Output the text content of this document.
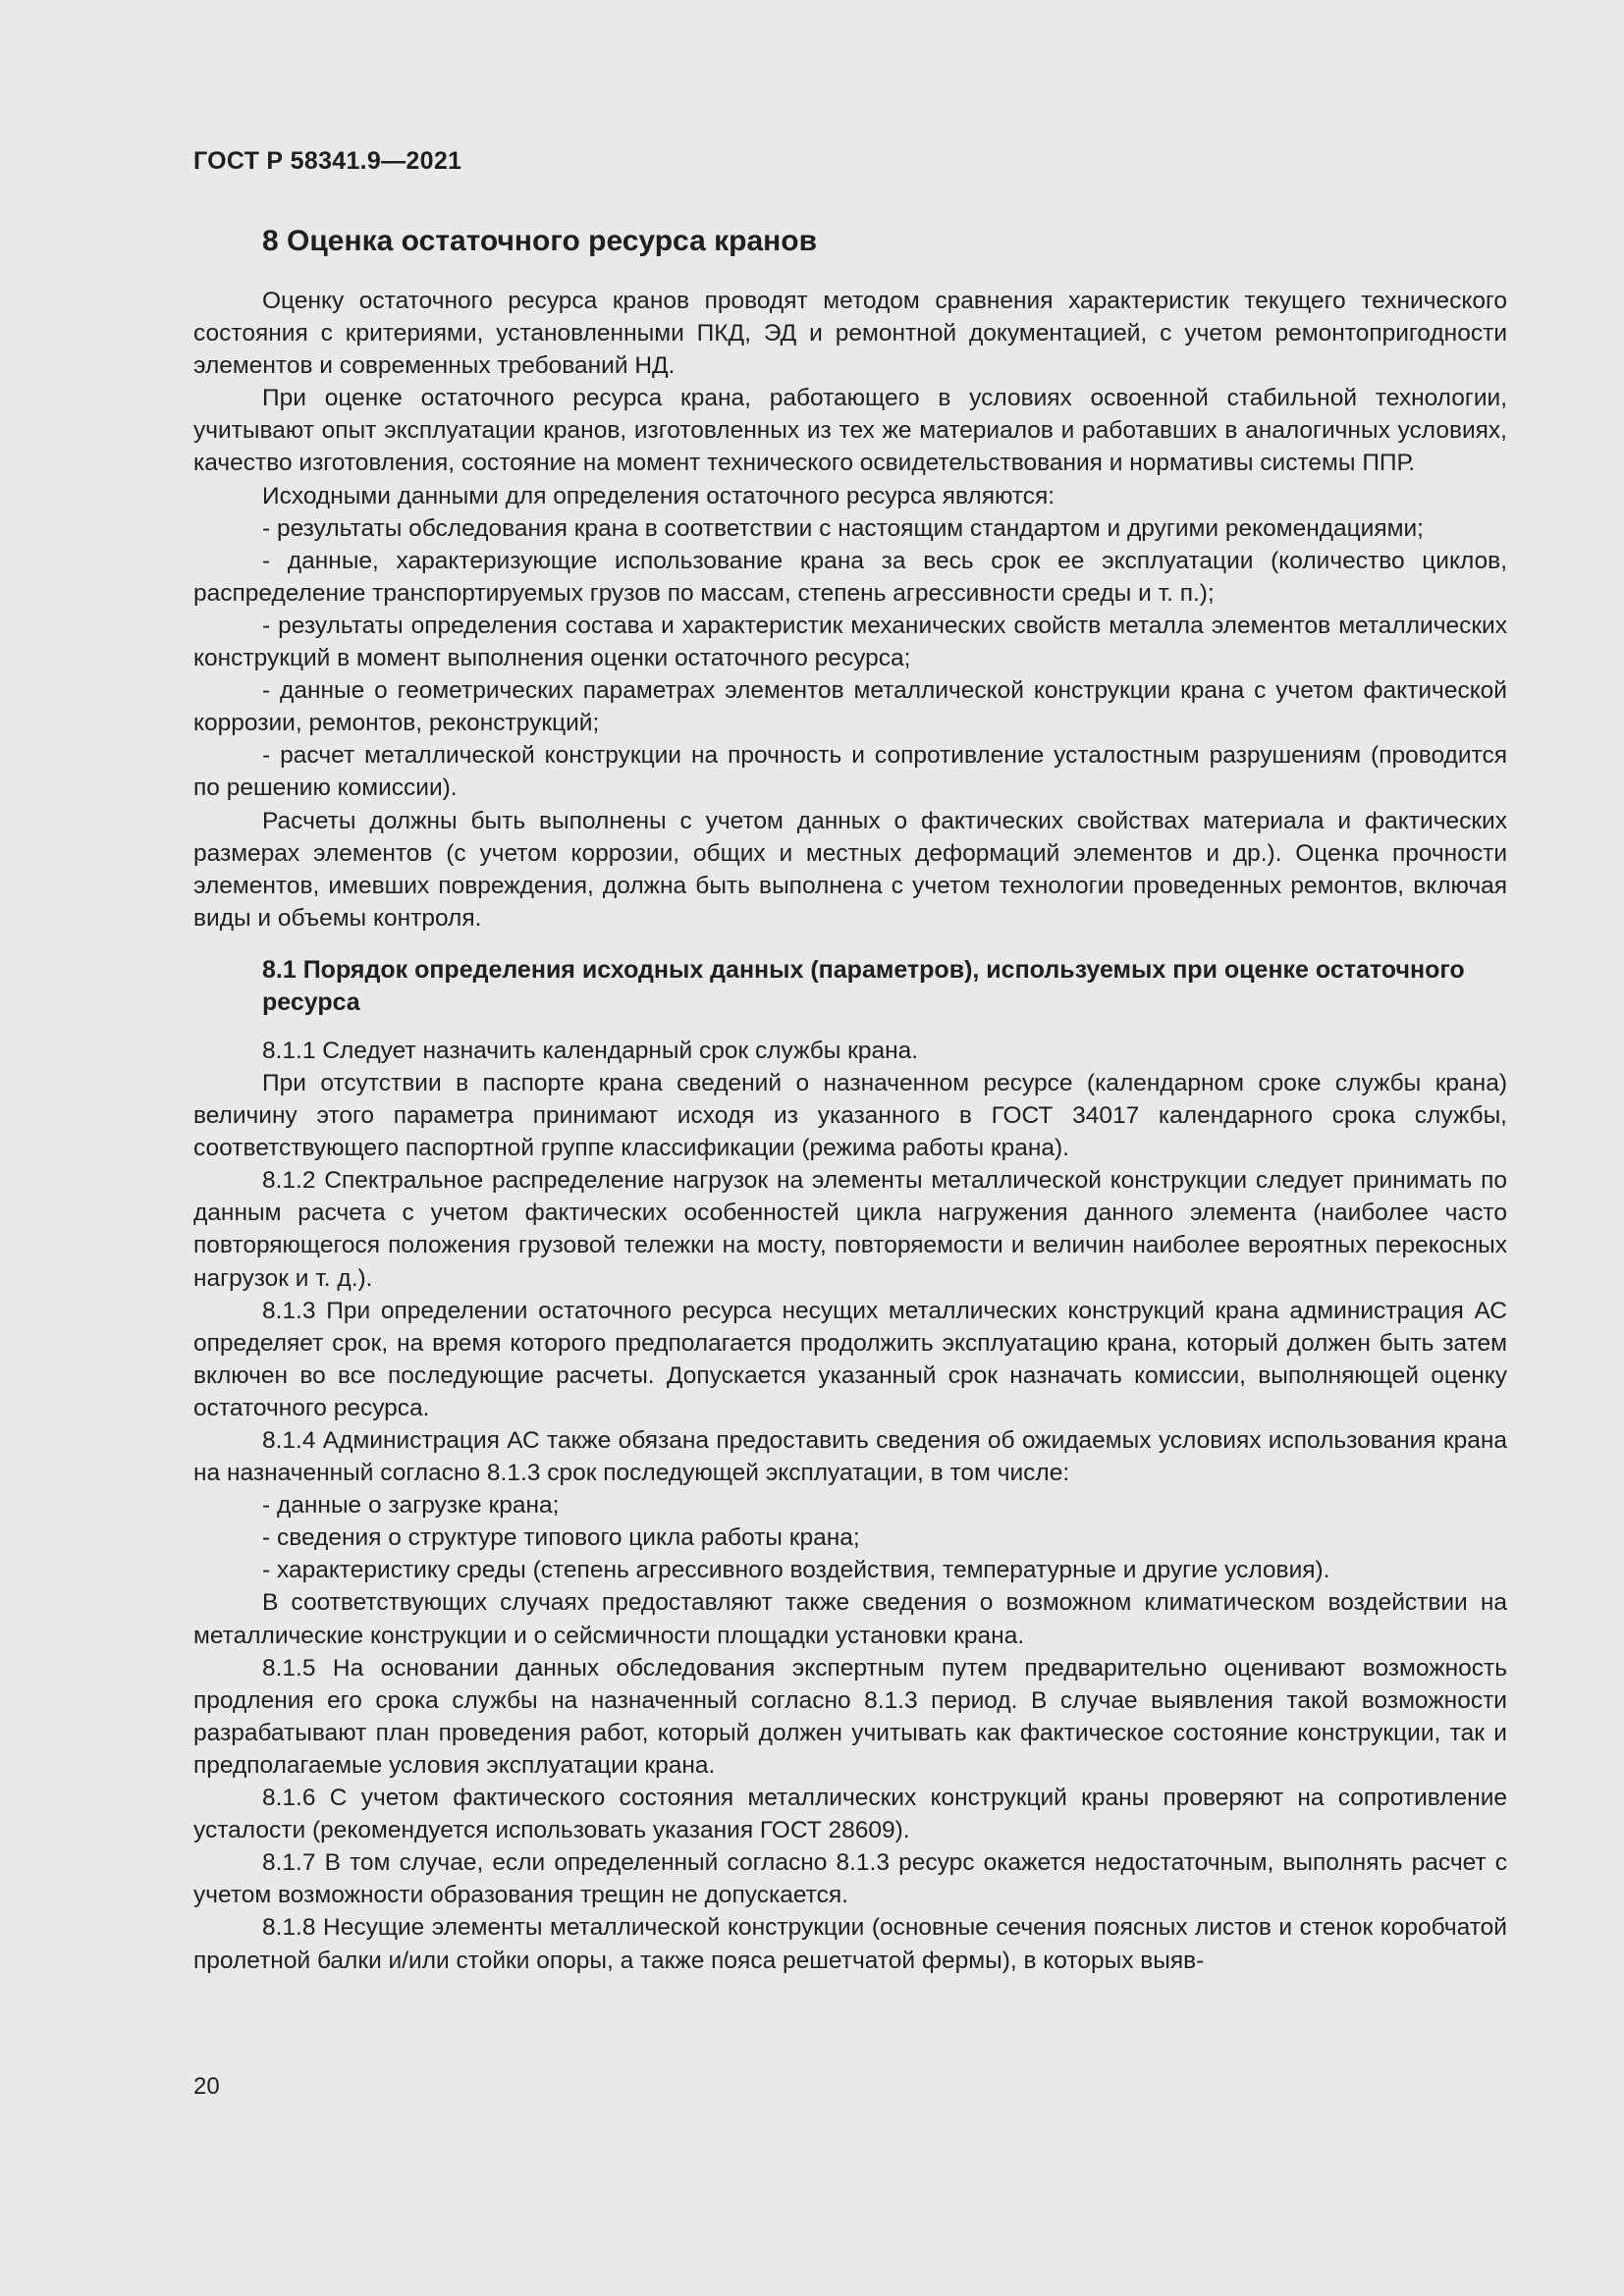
ГОСТ Р 58341.9—2021
8 Оценка остаточного ресурса кранов

Оценку остаточного ресурса кранов проводят методом сравнения характеристик текущего технического состояния с критериями, установленными ПКД, ЭД и ремонтной документацией, с учетом ремонтопригодности элементов и современных требований НД.

При оценке остаточного ресурса крана, работающего в условиях освоенной стабильной технологии, учитывают опыт эксплуатации кранов, изготовленных из тех же материалов и работавших в аналогичных условиях, качество изготовления, состояние на момент технического освидетельствования и нормативы системы ППР.

Исходными данными для определения остаточного ресурса являются:

- результаты обследования крана в соответствии с настоящим стандартом и другими рекомендациями;

- данные, характеризующие использование крана за весь срок ее эксплуатации (количество циклов, распределение транспортируемых грузов по массам, степень агрессивности среды и т. п.);

- результаты определения состава и характеристик механических свойств металла элементов металлических конструкций в момент выполнения оценки остаточного ресурса;

- данные о геометрических параметрах элементов металлической конструкции крана с учетом фактической коррозии, ремонтов, реконструкций;

- расчет металлической конструкции на прочность и сопротивление усталостным разрушениям (проводится по решению комиссии).

Расчеты должны быть выполнены с учетом данных о фактических свойствах материала и фактических размерах элементов (с учетом коррозии, общих и местных деформаций элементов и др.). Оценка прочности элементов, имевших повреждения, должна быть выполнена с учетом технологии проведенных ремонтов, включая виды и объемы контроля.

8.1 Порядок определения исходных данных (параметров), используемых при оценке остаточного ресурса

8.1.1 Следует назначить календарный срок службы крана.

При отсутствии в паспорте крана сведений о назначенном ресурсе (календарном сроке службы крана) величину этого параметра принимают исходя из указанного в ГОСТ 34017 календарного срока службы, соответствующего паспортной группе классификации (режима работы крана).

8.1.2 Спектральное распределение нагрузок на элементы металлической конструкции следует принимать по данным расчета с учетом фактических особенностей цикла нагружения данного элемента (наиболее часто повторяющегося положения грузовой тележки на мосту, повторяемости и величин наиболее вероятных перекосных нагрузок и т. д.).

8.1.3 При определении остаточного ресурса несущих металлических конструкций крана администрация АС определяет срок, на время которого предполагается продолжить эксплуатацию крана, который должен быть затем включен во все последующие расчеты. Допускается указанный срок назначать комиссии, выполняющей оценку остаточного ресурса.

8.1.4 Администрация АС также обязана предоставить сведения об ожидаемых условиях использования крана на назначенный согласно 8.1.3 срок последующей эксплуатации, в том числе:

- данные о загрузке крана;

- сведения о структуре типового цикла работы крана;

- характеристику среды (степень агрессивного воздействия, температурные и другие условия).

В соответствующих случаях предоставляют также сведения о возможном климатическом воздействии на металлические конструкции и о сейсмичности площадки установки крана.

8.1.5 На основании данных обследования экспертным путем предварительно оценивают возможность продления его срока службы на назначенный согласно 8.1.3 период. В случае выявления такой возможности разрабатывают план проведения работ, который должен учитывать как фактическое состояние конструкции, так и предполагаемые условия эксплуатации крана.

8.1.6 С учетом фактического состояния металлических конструкций краны проверяют на сопротивление усталости (рекомендуется использовать указания ГОСТ 28609).

8.1.7 В том случае, если определенный согласно 8.1.3 ресурс окажется недостаточным, выполнять расчет с учетом возможности образования трещин не допускается.

8.1.8 Несущие элементы металлической конструкции (основные сечения поясных листов и стенок коробчатой пролетной балки и/или стойки опоры, а также пояса решетчатой фермы), в которых выяв-

20
